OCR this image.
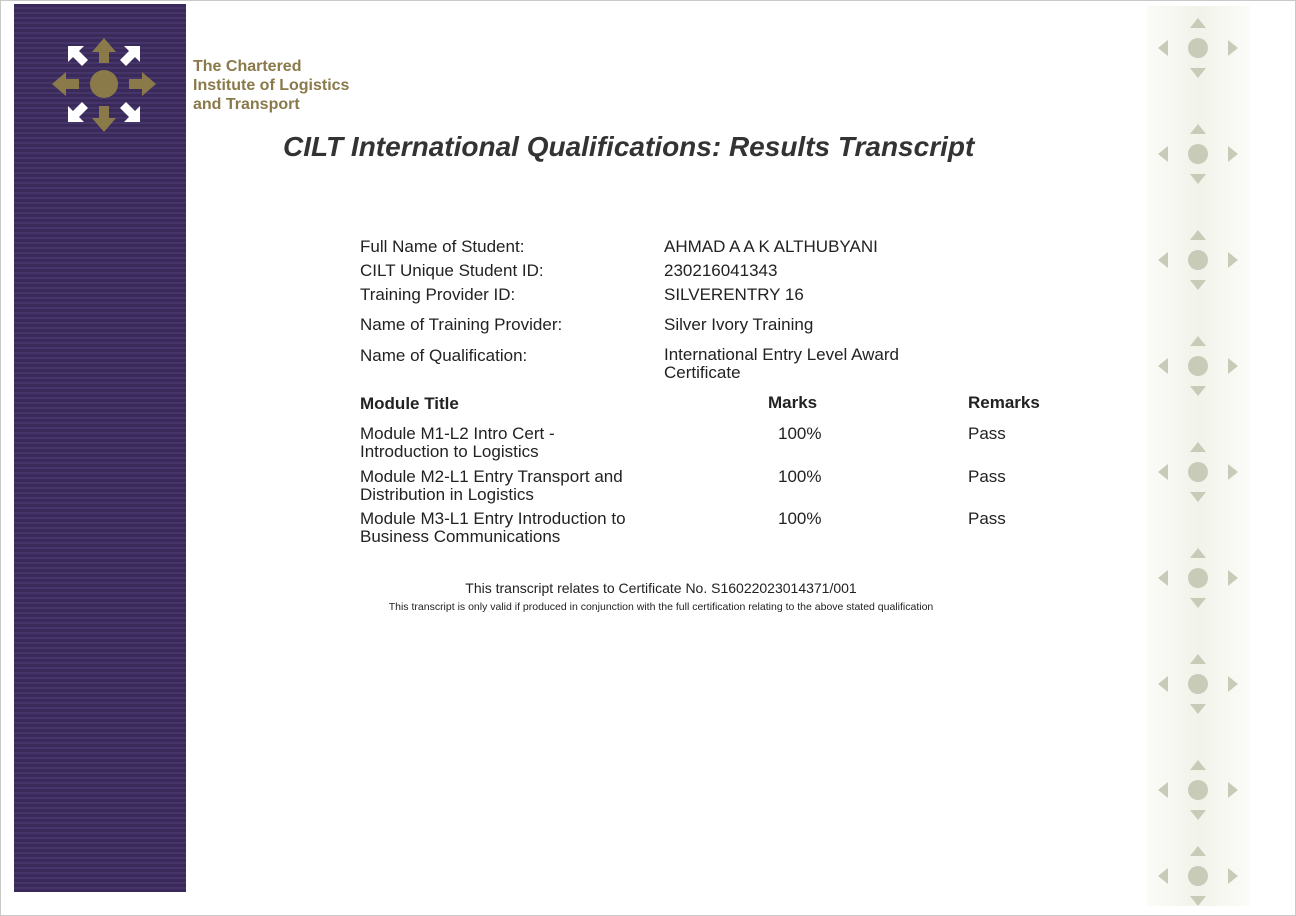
The Chartered
Institute of Logistics
and Transport
CILT International Qualifications: Results Transcript
Full Name of Student:	AHMAD A A K ALTHUBYANI
CILT Unique Student ID:	230216041343
Training Provider ID:	SILVERENTRY 16
Name of Training Provider:	Silver Ivory Training
Name of Qualification:	International Entry Level Award
Certificate
Module Title	Marks	Remarks
Module M1-L2 Intro Cert -
Introduction to Logistics
100%	Pass
Module M2-L1 Entry Transport and
Distribution in Logistics
100%	Pass
Module M3-L1 Entry Introduction to
Business Communications
100%	Pass
This transcript relates to Certificate No. S16022023014371/001
This transcript is only valid if produced in conjunction with the full certification relating to the above stated qualification
